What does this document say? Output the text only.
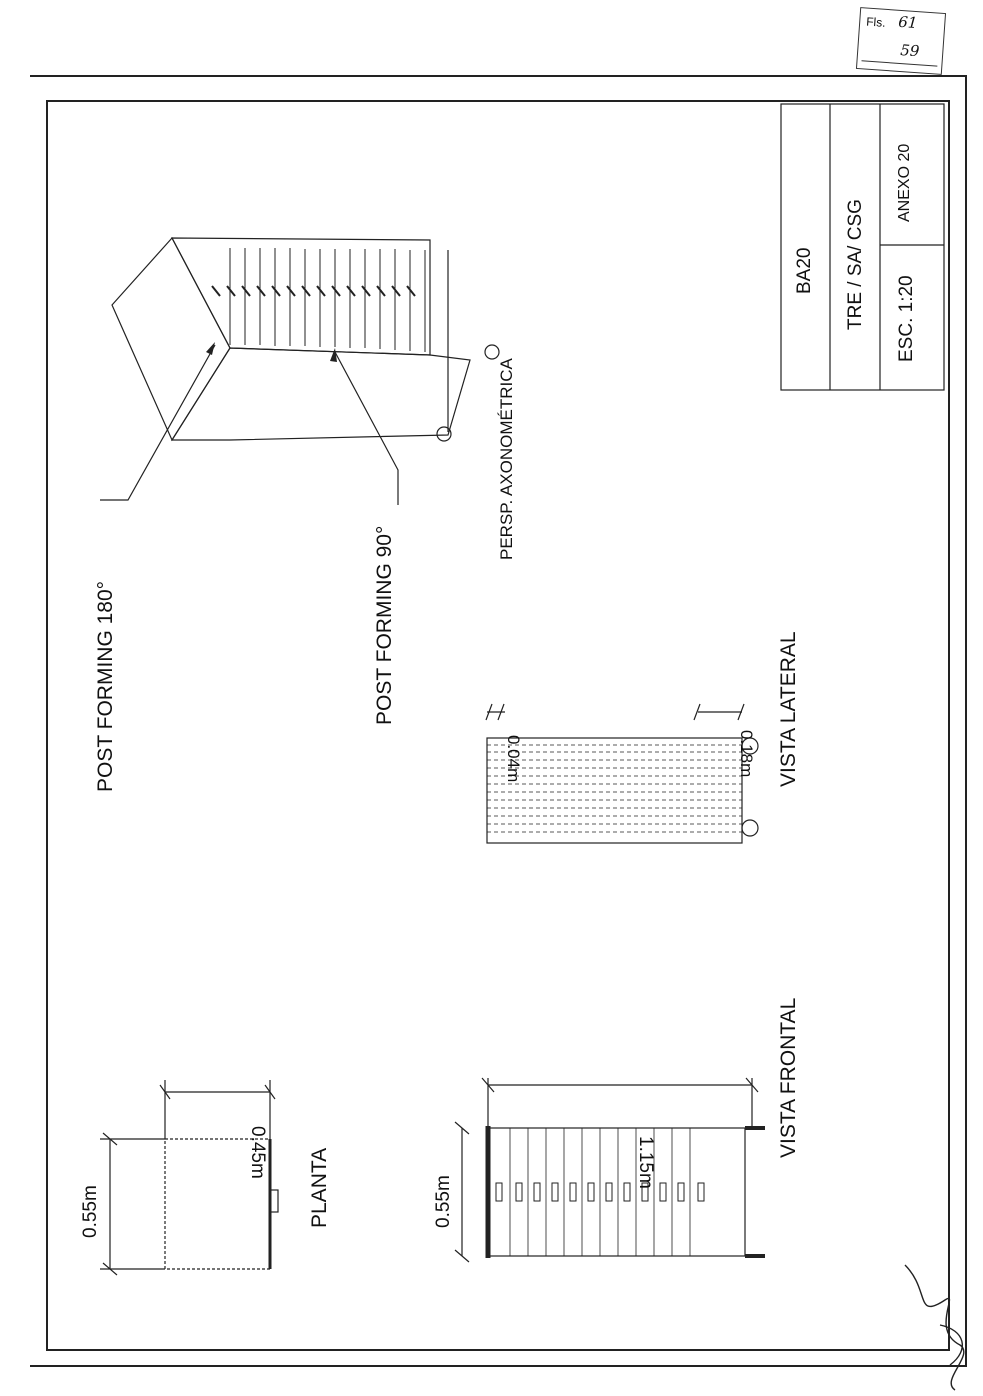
Fls. 61
59
BA20 TRE / SA/ CSG ESC. 1:20
ANEXO 20
POST FORMING 180°	POST FORMING 90°
PERSP. AXONOMÉTRICA
VISTA LATERAL
VISTA FRONTAL
PLANTA
0.04m	0.18m
1.15m
0.55m
0.45m
0.55m
